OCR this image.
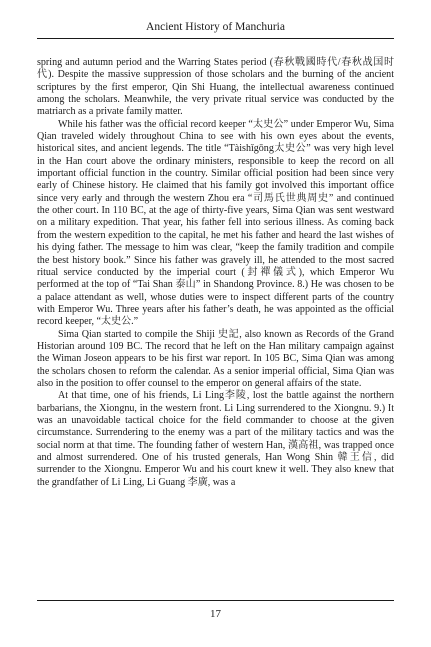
Ancient History of Manchuria

spring and autumn period and the Warring States period (春秋戰國時代/春秋战国时代). Despite the massive suppression of those scholars and the burning of the ancient scriptures by the first emperor, Qin Shi Huang, the intellectual awareness continued among the scholars. Meanwhile, the very private ritual service was conducted by the matriarch as a private family matter.

While his father was the official record keeper “太史公” under Emperor Wu, Sima Qian traveled widely throughout China to see with his own eyes about the events, historical sites, and ancient legends. The title “Tàishǐgōng太史公” was very high level in the Han court above the ordinary ministers, responsible to keep the record on all important official function in the country. Similar official position had been since very early of Chinese history. He claimed that his family got involved this important office since very early and through the western Zhou era “司馬氏世典周史” and continued the other court. In 110 BC, at the age of thirty-five years, Sima Qian was sent westward on a military expedition. That year, his father fell into serious illness. As coming back from the western expedition to the capital, he met his father and heard the last wishes of his dying father. The message to him was clear, “keep the family tradition and compile the best history book.” Since his father was gravely ill, he attended to the most sacred ritual service conducted by the imperial court (封禪儀式), which Emperor Wu performed at the top of “Tai Shan 泰山” in Shandong Province. 8.) He was chosen to be a palace attendant as well, whose duties were to inspect different parts of the country with Emperor Wu. Three years after his father’s death, he was appointed as the official record keeper, “太史公.”

Sima Qian started to compile the Shiji 史記, also known as Records of the Grand Historian around 109 BC. The record that he left on the Han military campaign against the Wiman Joseon appears to be his first war report. In 105 BC, Sima Qian was among the scholars chosen to reform the calendar. As a senior imperial official, Sima Qian was also in the position to offer counsel to the emperor on general affairs of the state.

At that time, one of his friends, Li Ling李陵, lost the battle against the northern barbarians, the Xiongnu, in the western front. Li Ling surrendered to the Xiongnu. 9.) It was an unavoidable tactical choice for the field commander to choose at the given circumstance. Surrendering to the enemy was a part of the military tactics and was the social norm at that time. The founding father of western Han, 漢高祖, was trapped once and almost surrendered. One of his trusted generals, Han Wong Shin 韓王信, did surrender to the Xiongnu. Emperor Wu and his court knew it well. They also knew that the grandfather of Li Ling, Li Guang 李廣, was a

17
